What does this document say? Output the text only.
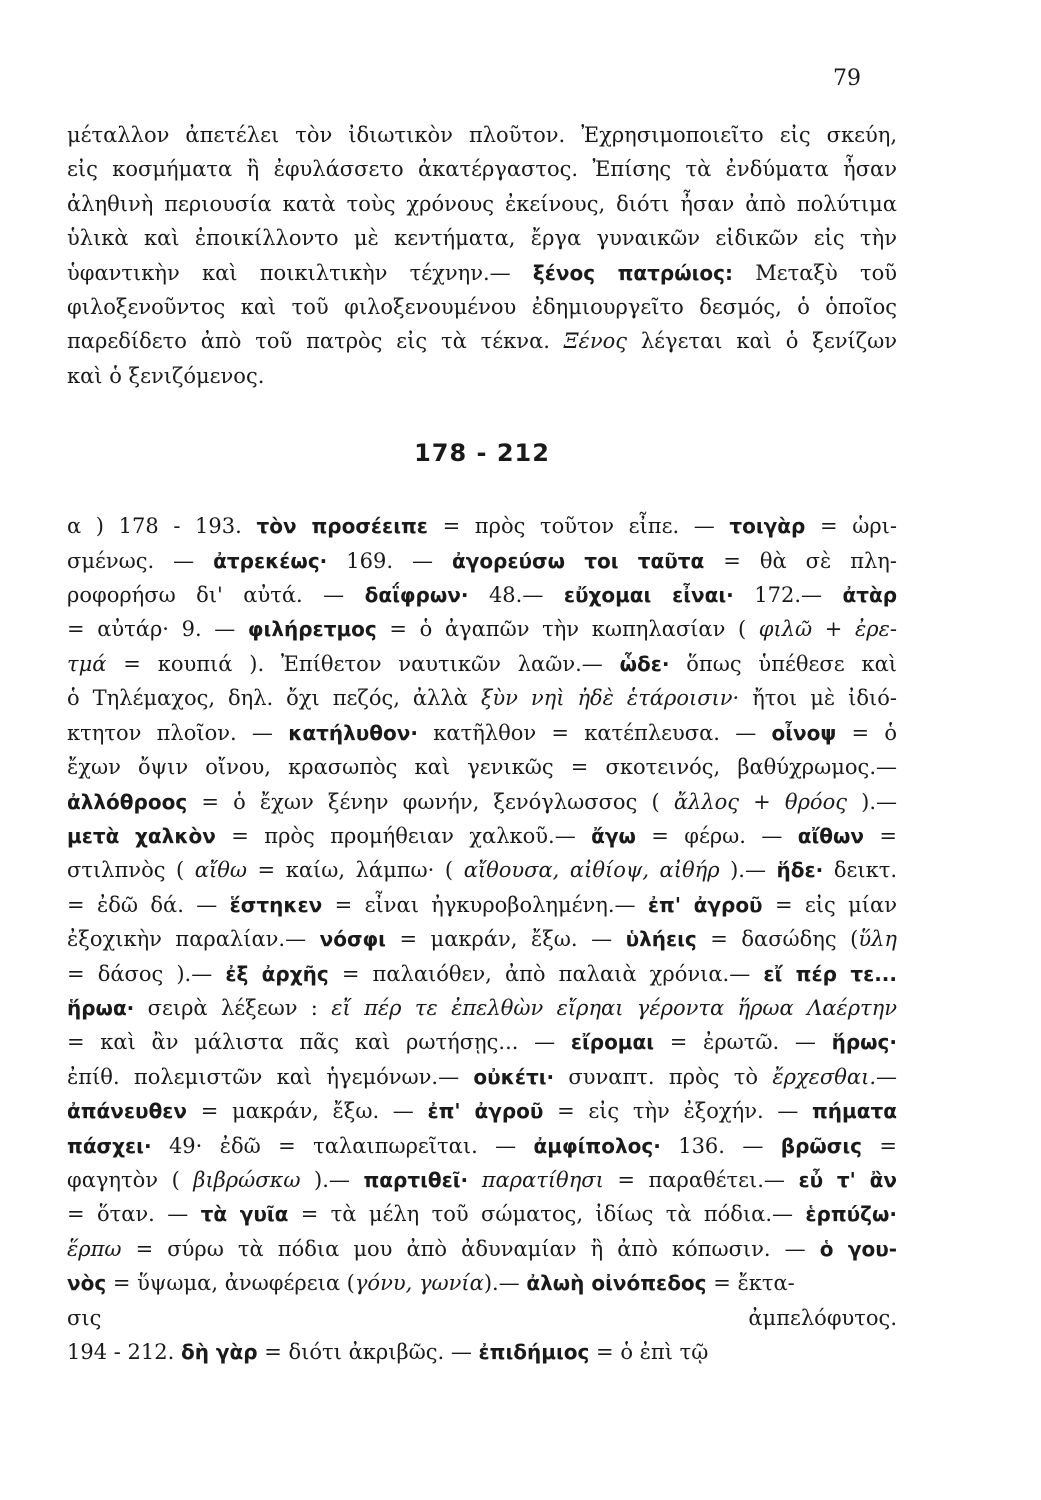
79
μέταλλον ἀπετέλει τὸν ἰδιωτικὸν πλοῦτον. Ἐχρησιμοποιεῖτο εἰς σκεύη,
εἰς κοσμήματα ἢ ἐφυλάσσετο ἀκατέργαστος. Ἐπίσης τὰ ἐνδύματα ἦσαν
ἀληθινὴ περιουσία κατὰ τοὺς χρόνους ἐκείνους, διότι ἦσαν ἀπὸ πολύτιμα
ὑλικὰ καὶ ἐποικίλλοντο μὲ κεντήματα, ἔργα γυναικῶν εἰδικῶν εἰς τὴν
ὑφαντικὴν καὶ ποικιλτικὴν τέχνην.— ξένος πατρώιος: Μεταξὺ τοῦ
φιλοξενοῦντος καὶ τοῦ φιλοξενουμένου ἐδημιουργεῖτο δεσμός, ὁ ὁποῖος
παρεδίδετο ἀπὸ τοῦ πατρὸς εἰς τὰ τέκνα. Ξένος λέγεται καὶ ὁ ξενίζων
καὶ ὁ ξενιζόμενος.
178 - 212
α ) 178 - 193. τὸν προσέειπε = πρὸς τοῦτον εἶπε. — τοιγὰρ = ὡρι-
σμένως. — ἀτρεκέως· 169. — ἀγορεύσω τοι ταῦτα = θὰ σὲ πλη-
ροφορήσω δι' αὐτά. — δαΐφρων· 48.— εὔχομαι εἶναι· 172.— ἀτὰρ
= αὐτάρ· 9. — φιλήρετμος = ὁ ἀγαπῶν τὴν κωπηλασίαν ( φιλῶ + ἐρε-
τμά = κουπιά ). Ἐπίθετον ναυτικῶν λαῶν.— ὧδε· ὅπως ὑπέθεσε καὶ
ὁ Τηλέμαχος, δηλ. ὄχι πεζός, ἀλλὰ ξὺν νηὶ ἠδὲ ἑτάροισιν· ἤτοι μὲ ἰδιό-
κτητον πλοῖον. — κατήλυθον· κατῆλθον = κατέπλευσα. — οἶνοψ = ὁ
ἔχων ὄψιν οἴνου, κρασωπὸς καὶ γενικῶς = σκοτεινός, βαθύχρωμος.—
ἀλλόθροος = ὁ ἔχων ξένην φωνήν, ξενόγλωσσος ( ἄλλος + θρόος ).—
μετὰ χαλκὸν = πρὸς προμήθειαν χαλκοῦ.— ἄγω = φέρω. — αἴθων =
στιλπνὸς ( αἴθω = καίω, λάμπω· ( αἴθουσα, αἰθίοψ, αἰθήρ ).— ἥδε· δεικτ.
= ἐδῶ δά. — ἕστηκεν = εἶναι ἠγκυροβολημένη.— ἐπ' ἀγροῦ = εἰς μίαν
ἐξοχικὴν παραλίαν.— νόσφι = μακράν, ἔξω. — ὑλήεις = δασώδης (ὕλη
= δάσος ).— ἐξ ἀρχῆς = παλαιόθεν, ἀπὸ παλαιὰ χρόνια.— εἴ πέρ τε...
ἥρωα· σειρὰ λέξεων : εἴ πέρ τε ἐπελθὼν εἴρηαι γέροντα ἥρωα Λαέρτην
= καὶ ἂν μάλιστα πᾶς καὶ ρωτήσῃς... — εἴρομαι = ἐρωτῶ. — ἥρως·
ἐπίθ. πολεμιστῶν καὶ ἡγεμόνων.— οὐκέτι· συναπτ. πρὸς τὸ ἔρχεσθαι.—
ἀπάνευθεν = μακράν, ἔξω. — ἐπ' ἀγροῦ = εἰς τὴν ἐξοχήν. — πήματα
πάσχει· 49· ἐδῶ = ταλαιπωρεῖται. — ἀμφίπολος· 136. — βρῶσις =
φαγητὸν ( βιβρώσκω ).— παρτιθεῖ· παρατίθησι = παραθέτει.— εὖ τ' ἂν
= ὅταν. — τὰ γυῖα = τὰ μέλη τοῦ σώματος, ἰδίως τὰ πόδια.— ἑρπύζω·
ἕρπω = σύρω τὰ πόδια μου ἀπὸ ἀδυναμίαν ἢ ἀπὸ κόπωσιν. — ὁ γου-
νὸς = ὕψωμα, ἀνωφέρεια (γόνυ, γωνία).— ἀλωὴ οἰνόπεδος = ἔκτα-
σις ἀμπελόφυτος.
194 - 212. δὴ γὰρ = διότι ἀκριβῶς. — ἐπιδήμιος = ὁ ἐπὶ τῷ
